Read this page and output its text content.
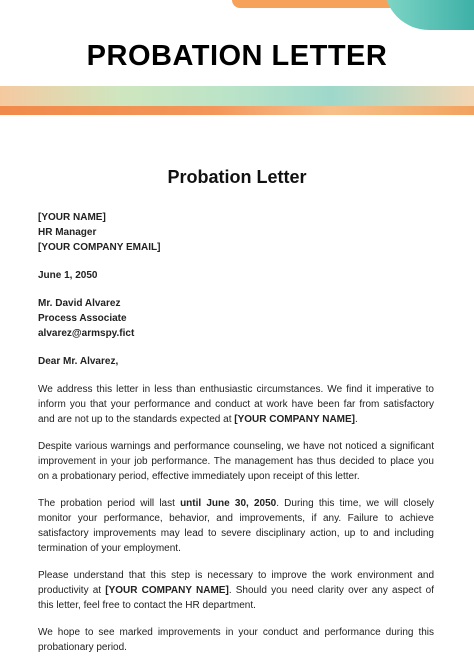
PROBATION LETTER
Probation Letter
[YOUR NAME]
HR Manager
[YOUR COMPANY EMAIL]
June 1, 2050
Mr. David Alvarez
Process Associate
alvarez@armspy.fict
Dear Mr. Alvarez,

We address this letter in less than enthusiastic circumstances. We find it imperative to inform you that your performance and conduct at work have been far from satisfactory and are not up to the standards expected at [YOUR COMPANY NAME].

Despite various warnings and performance counseling, we have not noticed a significant improvement in your job performance. The management has thus decided to place you on a probationary period, effective immediately upon receipt of this letter.

The probation period will last until June 30, 2050. During this time, we will closely monitor your performance, behavior, and improvements, if any. Failure to achieve satisfactory improvements may lead to severe disciplinary action, up to and including termination of your employment.

Please understand that this step is necessary to improve the work environment and productivity at [YOUR COMPANY NAME]. Should you need clarity over any aspect of this letter, feel free to contact the HR department.

We hope to see marked improvements in your conduct and performance during this probationary period.
